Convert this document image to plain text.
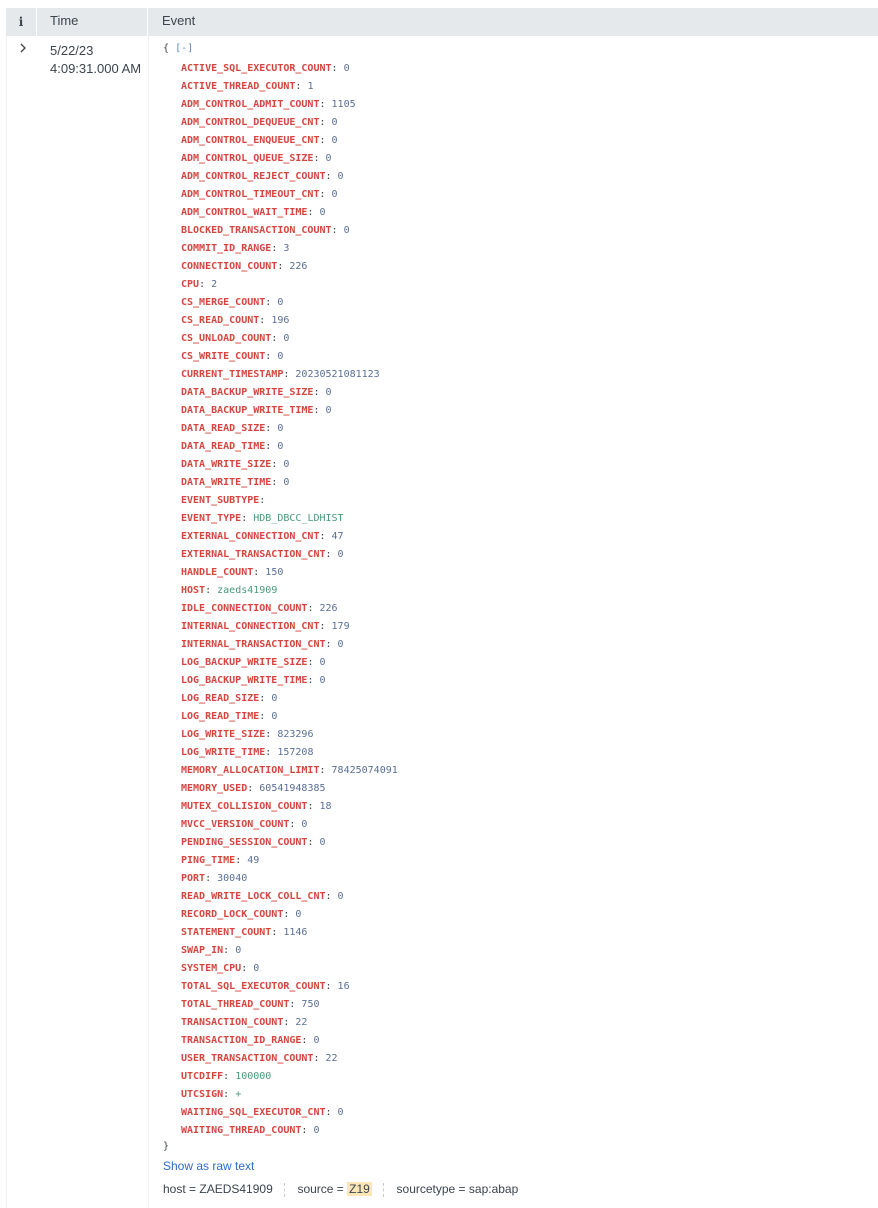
i	Time	Event
5/22/23
4:09:31.000 AM
{ [-]
ACTIVE_SQL_EXECUTOR_COUNT: 0
ACTIVE_THREAD_COUNT: 1
ADM_CONTROL_ADMIT_COUNT: 1105
ADM_CONTROL_DEQUEUE_CNT: 0
ADM_CONTROL_ENQUEUE_CNT: 0
ADM_CONTROL_QUEUE_SIZE: 0
ADM_CONTROL_REJECT_COUNT: 0
ADM_CONTROL_TIMEOUT_CNT: 0
ADM_CONTROL_WAIT_TIME: 0
BLOCKED_TRANSACTION_COUNT: 0
COMMIT_ID_RANGE: 3
CONNECTION_COUNT: 226
CPU: 2
CS_MERGE_COUNT: 0
CS_READ_COUNT: 196
CS_UNLOAD_COUNT: 0
CS_WRITE_COUNT: 0
CURRENT_TIMESTAMP: 20230521081123
DATA_BACKUP_WRITE_SIZE: 0
DATA_BACKUP_WRITE_TIME: 0
DATA_READ_SIZE: 0
DATA_READ_TIME: 0
DATA_WRITE_SIZE: 0
DATA_WRITE_TIME: 0
EVENT_SUBTYPE:
EVENT_TYPE: HDB_DBCC_LDHIST
EXTERNAL_CONNECTION_CNT: 47
EXTERNAL_TRANSACTION_CNT: 0
HANDLE_COUNT: 150
HOST: zaeds41909
IDLE_CONNECTION_COUNT: 226
INTERNAL_CONNECTION_CNT: 179
INTERNAL_TRANSACTION_CNT: 0
LOG_BACKUP_WRITE_SIZE: 0
LOG_BACKUP_WRITE_TIME: 0
LOG_READ_SIZE: 0
LOG_READ_TIME: 0
LOG_WRITE_SIZE: 823296
LOG_WRITE_TIME: 157208
MEMORY_ALLOCATION_LIMIT: 78425074091
MEMORY_USED: 60541948385
MUTEX_COLLISION_COUNT: 18
MVCC_VERSION_COUNT: 0
PENDING_SESSION_COUNT: 0
PING_TIME: 49
PORT: 30040
READ_WRITE_LOCK_COLL_CNT: 0
RECORD_LOCK_COUNT: 0
STATEMENT_COUNT: 1146
SWAP_IN: 0
SYSTEM_CPU: 0
TOTAL_SQL_EXECUTOR_COUNT: 16
TOTAL_THREAD_COUNT: 750
TRANSACTION_COUNT: 22
TRANSACTION_ID_RANGE: 0
USER_TRANSACTION_COUNT: 22
UTCDIFF: 100000
UTCSIGN: +
WAITING_SQL_EXECUTOR_CNT: 0
WAITING_THREAD_COUNT: 0
}
Show as raw text
host = ZAEDS41909 source = Z19 sourcetype = sap:abap
